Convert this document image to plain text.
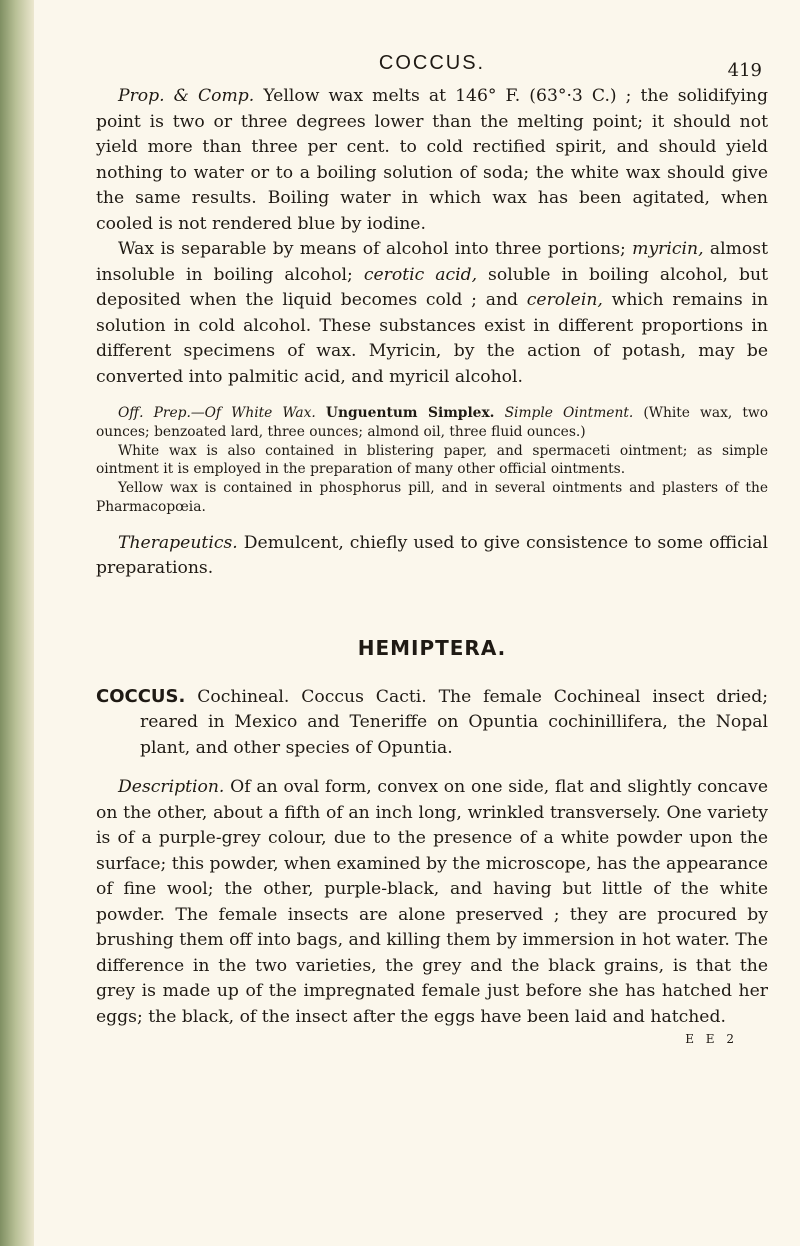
COCCUS.	419

Prop. & Comp. Yellow wax melts at 146° F. (63°·3 C.) ; the solidifying point is two or three degrees lower than the melting point; it should not yield more than three per cent. to cold rectified spirit, and should yield nothing to water or to a boiling solution of soda; the white wax should give the same results. Boiling water in which wax has been agitated, when cooled is not rendered blue by iodine.

Wax is separable by means of alcohol into three portions; myricin, almost insoluble in boiling alcohol; cerotic acid, soluble in boiling alcohol, but deposited when the liquid becomes cold ; and cerolein, which remains in solution in cold alcohol. These substances exist in different proportions in different specimens of wax. Myricin, by the action of potash, may be converted into palmitic acid, and myricil alcohol.

Off. Prep.—Of White Wax. Unguentum Simplex. Simple Ointment. (White wax, two ounces; benzoated lard, three ounces; almond oil, three fluid ounces.)

White wax is also contained in blistering paper, and spermaceti ointment; as simple ointment it is employed in the preparation of many other official ointments.

Yellow wax is contained in phosphorus pill, and in several ointments and plasters of the Pharmacopœia.

Therapeutics. Demulcent, chiefly used to give consistence to some official preparations.

HEMIPTERA.

COCCUS. Cochineal. Coccus Cacti. The female Cochineal insect dried; reared in Mexico and Teneriffe on Opuntia cochinillifera, the Nopal plant, and other species of Opuntia.

Description. Of an oval form, convex on one side, flat and slightly concave on the other, about a fifth of an inch long, wrinkled transversely. One variety is of a purple-grey colour, due to the presence of a white powder upon the surface; this powder, when examined by the microscope, has the appearance of fine wool; the other, purple-black, and having but little of the white powder. The female insects are alone preserved ; they are procured by brushing them off into bags, and killing them by immersion in hot water. The difference in the two varieties, the grey and the black grains, is that the grey is made up of the impregnated female just before she has hatched her eggs; the black, of the insect after the eggs have been laid and hatched.

E E 2
